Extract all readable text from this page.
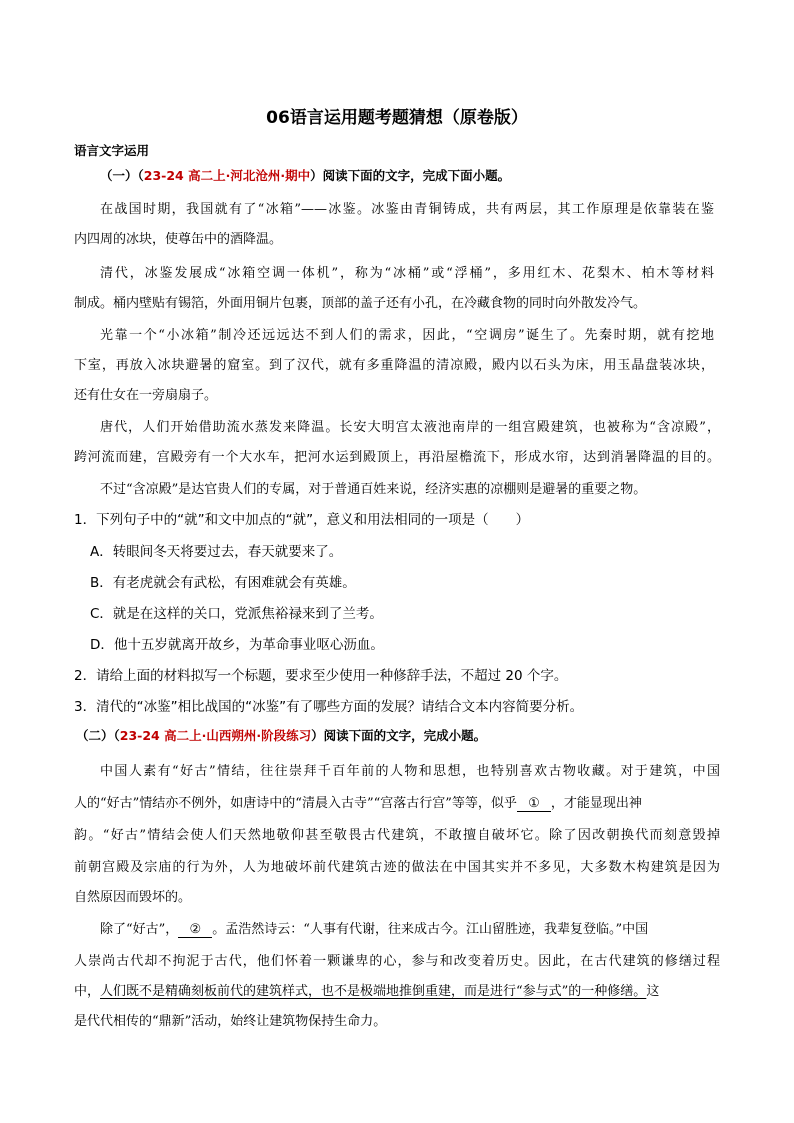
06语言运用题考题猜想（原卷版）
语言文字运用
（一）（23-24 高二上·河北沧州·期中）阅读下面的文字，完成下面小题。
在战国时期，我国就有了“冰箱”——冰鉴。冰鉴由青铜铸成，共有两层，其工作原理是依靠装在鉴
内四周的冰块，使尊缶中的酒降温。
清代，冰鉴发展成“冰箱空调一体机”，称为“冰桶”或“浮桶”，多用红木、花梨木、柏木等材料
制成。桶内壁贴有锡箔，外面用铜片包裹，顶部的盖子还有小孔，在冷藏食物的同时向外散发冷气。
光靠一个“小冰箱”制冷还远远达不到人们的需求，因此，“空调房”诞生了。先秦时期，就有挖地
下室，再放入冰块避暑的窟室。到了汉代，就有多重降温的清凉殿，殿内以石头为床，用玉晶盘装冰块，
还有仕女在一旁扇扇子。
唐代，人们开始借助流水蒸发来降温。长安大明宫太液池南岸的一组宫殿建筑，也被称为“含凉殿”，
跨河流而建，宫殿旁有一个大水车，把河水运到殿顶上，再沿屋檐流下，形成水帘，达到消暑降温的目的。
不过“含凉殿”是达官贵人们的专属，对于普通百姓来说，经济实惠的凉棚则是避暑的重要之物。
1．下列句子中的“就”和文中加点的“就”，意义和用法相同的一项是（　　）
A．转眼间冬天将要过去，春天就要来了。
B．有老虎就会有武松，有困难就会有英雄。
C．就是在这样的关口，党派焦裕禄来到了兰考。
D．他十五岁就离开故乡，为革命事业呕心沥血。
2．请给上面的材料拟写一个标题，要求至少使用一种修辞手法，不超过 20 个字。
3．清代的“冰鉴”相比战国的“冰鉴”有了哪些方面的发展？请结合文本内容简要分析。
（二）（23-24 高二上·山西朔州·阶段练习）阅读下面的文字，完成小题。
中国人素有“好古”情结，往往崇拜千百年前的人物和思想，也特别喜欢古物收藏。对于建筑，中国
人的“好古”情结亦不例外，如唐诗中的“清晨入古寺”“宫落古行宫”等等，似乎 ① ，才能显现出神
韵。“好古”情结会使人们天然地敬仰甚至敬畏古代建筑，不敢擅自破坏它。除了因改朝换代而刻意毁掉
前朝宫殿及宗庙的行为外，人为地破坏前代建筑古迹的做法在中国其实并不多见，大多数木构建筑是因为
自然原因而毁坏的。
除了“好古”， ② 。孟浩然诗云：“人事有代谢，往来成古今。江山留胜迹，我辈复登临。”中国
人崇尚古代却不拘泥于古代，他们怀着一颗谦卑的心，参与和改变着历史。因此，在古代建筑的修缮过程
中，人们既不是精确刻板前代的建筑样式，也不是极端地推倒重建，而是进行“参与式”的一种修缮。这
是代代相传的“鼎新”活动，始终让建筑物保持生命力。
